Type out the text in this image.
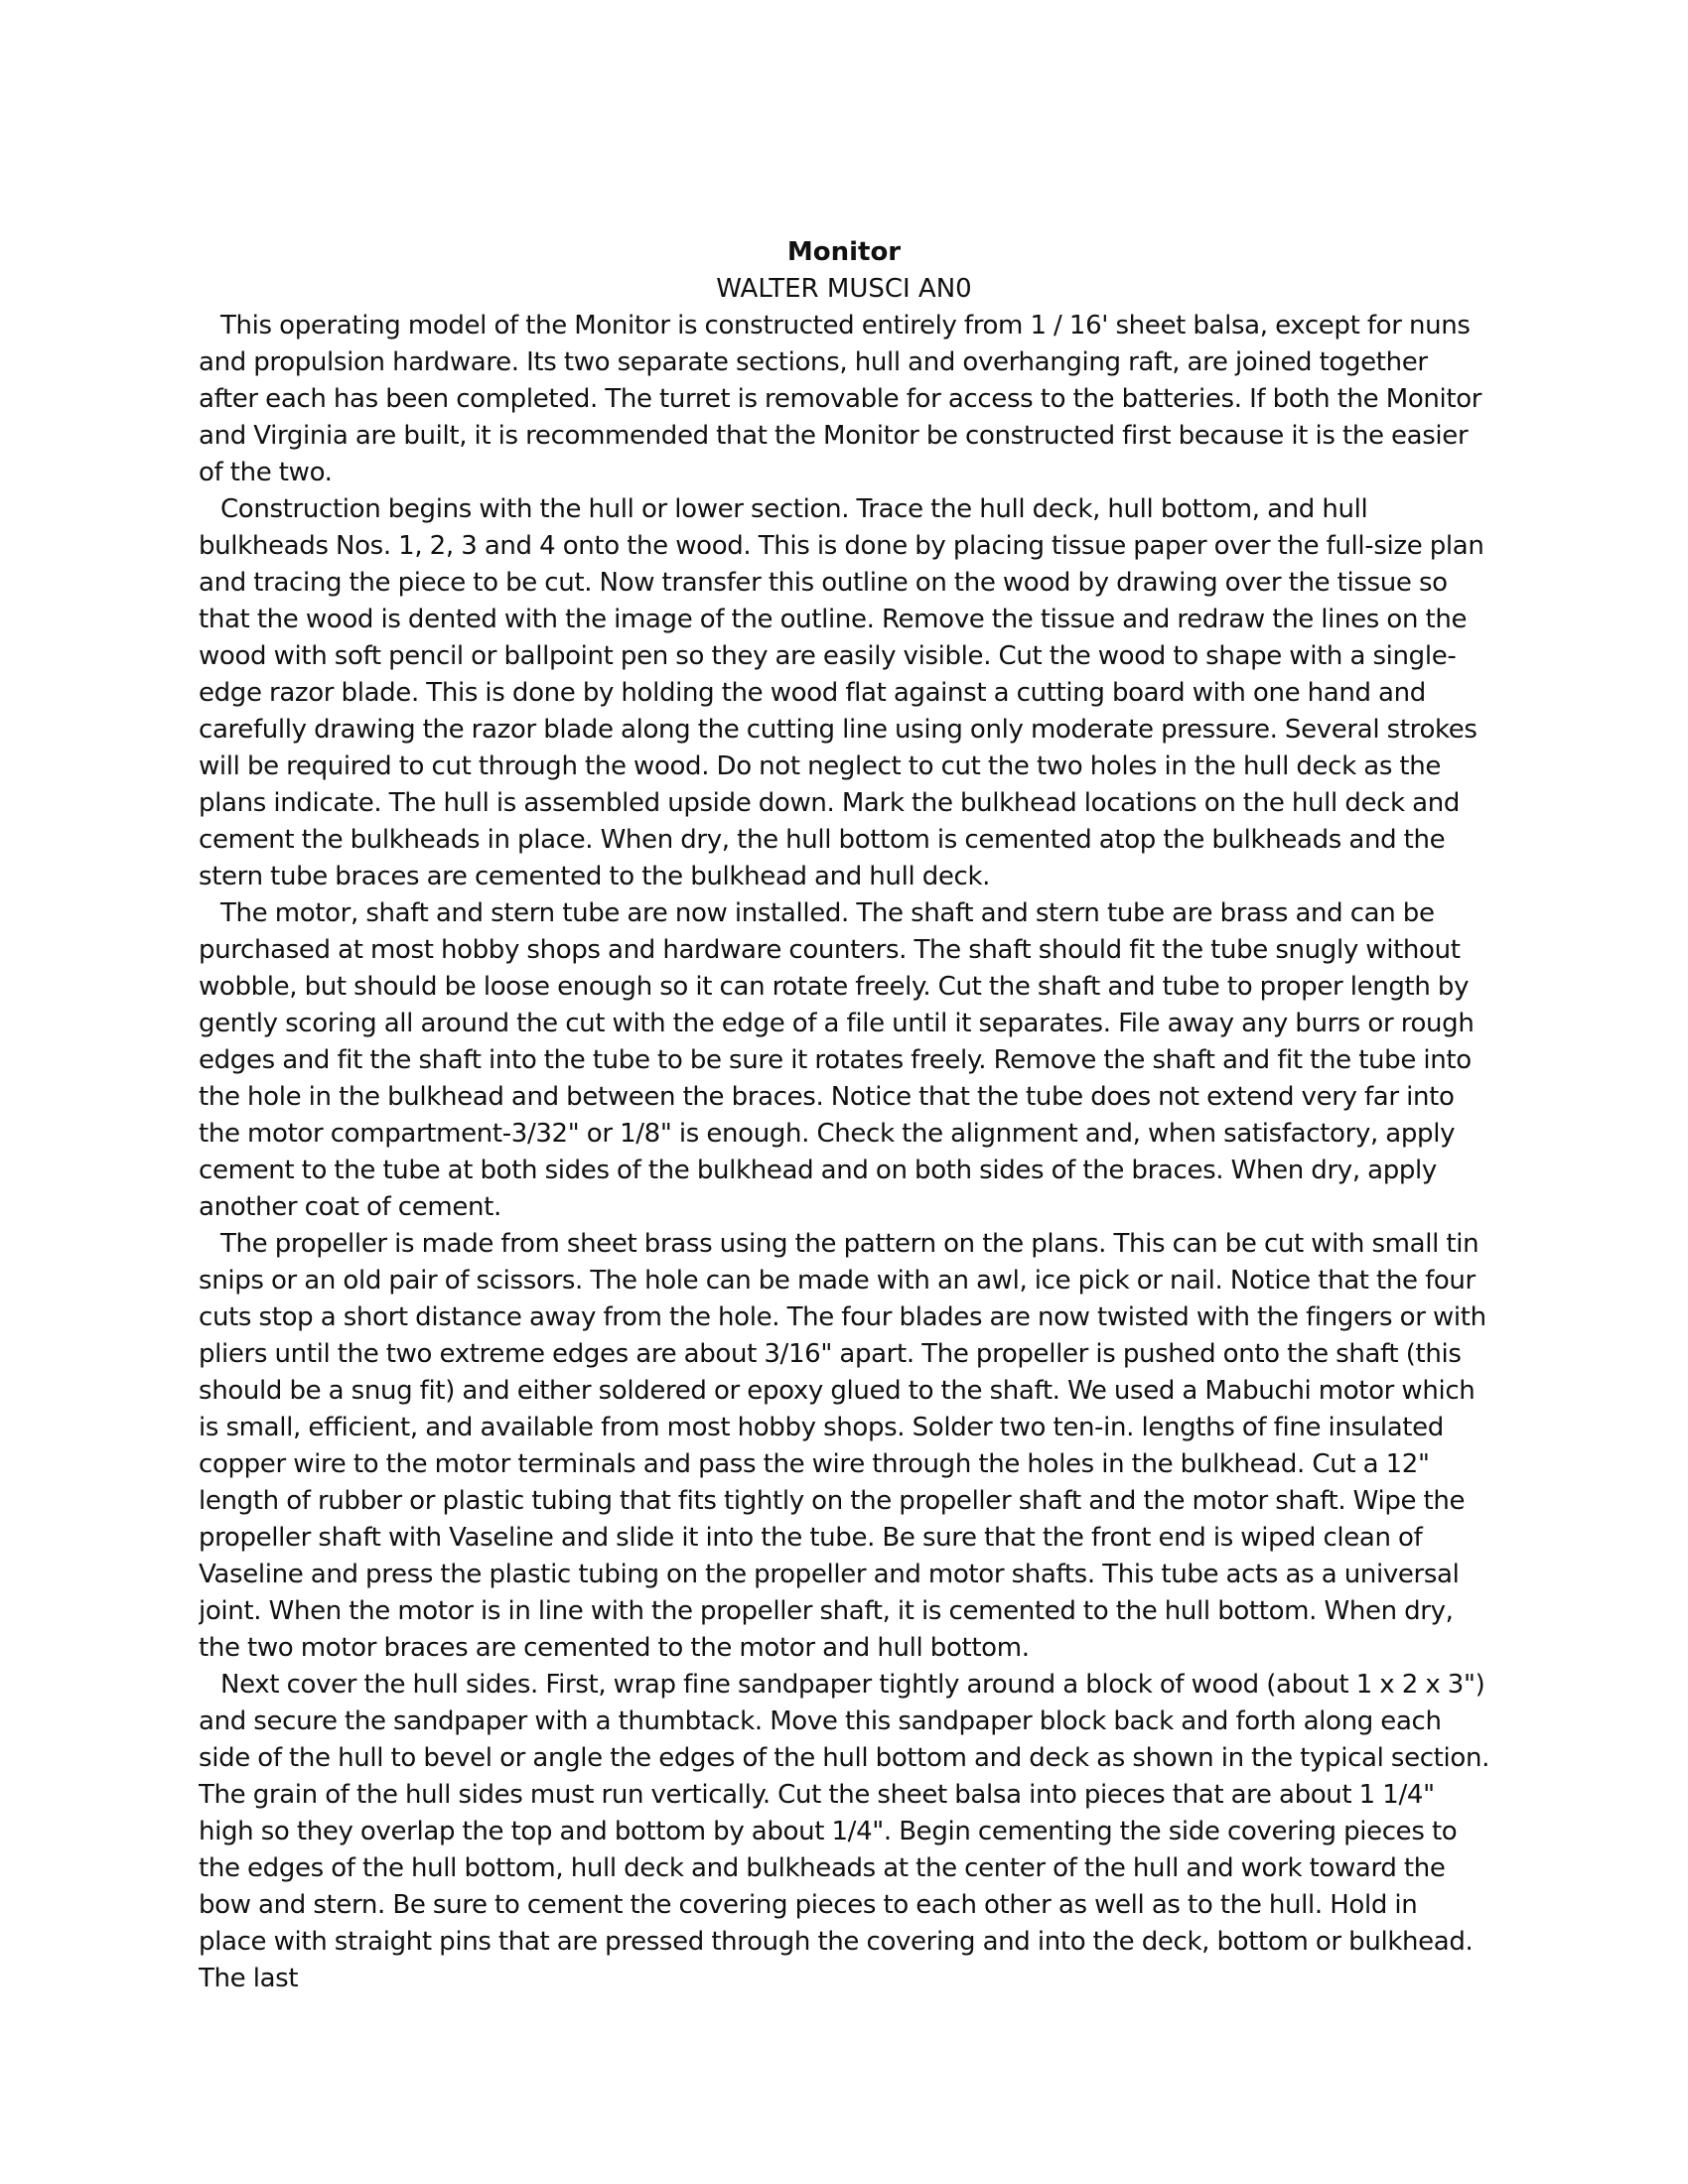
Monitor
WALTER MUSCI AN0

This operating model of the Monitor is constructed entirely from 1 / 16' sheet balsa, except for nuns and propulsion hardware. Its two separate sections, hull and overhanging raft, are joined together after each has been completed. The turret is removable for access to the batteries. If both the Monitor and Virginia are built, it is recommended that the Monitor be constructed first because it is the easier of the two.

Construction begins with the hull or lower section. Trace the hull deck, hull bottom, and hull bulkheads Nos. 1, 2, 3 and 4 onto the wood. This is done by placing tissue paper over the full-size plan and tracing the piece to be cut. Now transfer this outline on the wood by drawing over the tissue so that the wood is dented with the image of the outline. Remove the tissue and redraw the lines on the wood with soft pencil or ballpoint pen so they are easily visible. Cut the wood to shape with a single-edge razor blade. This is done by holding the wood flat against a cutting board with one hand and carefully drawing the razor blade along the cutting line using only moderate pressure. Several strokes will be required to cut through the wood. Do not neglect to cut the two holes in the hull deck as the plans indicate. The hull is assembled upside down. Mark the bulkhead locations on the hull deck and cement the bulkheads in place. When dry, the hull bottom is cemented atop the bulkheads and the stern tube braces are cemented to the bulkhead and hull deck.

The motor, shaft and stern tube are now installed. The shaft and stern tube are brass and can be purchased at most hobby shops and hardware counters. The shaft should fit the tube snugly without wobble, but should be loose enough so it can rotate freely. Cut the shaft and tube to proper length by gently scoring all around the cut with the edge of a file until it separates. File away any burrs or rough edges and fit the shaft into the tube to be sure it rotates freely. Remove the shaft and fit the tube into the hole in the bulkhead and between the braces. Notice that the tube does not extend very far into the motor compartment-3/32" or 1/8" is enough. Check the alignment and, when satisfactory, apply cement to the tube at both sides of the bulkhead and on both sides of the braces. When dry, apply another coat of cement.

The propeller is made from sheet brass using the pattern on the plans. This can be cut with small tin snips or an old pair of scissors. The hole can be made with an awl, ice pick or nail. Notice that the four cuts stop a short distance away from the hole. The four blades are now twisted with the fingers or with pliers until the two extreme edges are about 3/16" apart. The propeller is pushed onto the shaft (this should be a snug fit) and either soldered or epoxy glued to the shaft. We used a Mabuchi motor which is small, efficient, and available from most hobby shops. Solder two ten-in. lengths of fine insulated copper wire to the motor terminals and pass the wire through the holes in the bulkhead. Cut a 12" length of rubber or plastic tubing that fits tightly on the propeller shaft and the motor shaft. Wipe the propeller shaft with Vaseline and slide it into the tube. Be sure that the front end is wiped clean of Vaseline and press the plastic tubing on the propeller and motor shafts. This tube acts as a universal joint. When the motor is in line with the propeller shaft, it is cemented to the hull bottom. When dry, the two motor braces are cemented to the motor and hull bottom.

Next cover the hull sides. First, wrap fine sandpaper tightly around a block of wood (about 1 x 2 x 3") and secure the sandpaper with a thumbtack. Move this sandpaper block back and forth along each side of the hull to bevel or angle the edges of the hull bottom and deck as shown in the typical section. The grain of the hull sides must run vertically. Cut the sheet balsa into pieces that are about 1 1/4" high so they overlap the top and bottom by about 1/4". Begin cementing the side covering pieces to the edges of the hull bottom, hull deck and bulkheads at the center of the hull and work toward the bow and stern. Be sure to cement the covering pieces to each other as well as to the hull. Hold in place with straight pins that are pressed through the covering and into the deck, bottom or bulkhead. The last
